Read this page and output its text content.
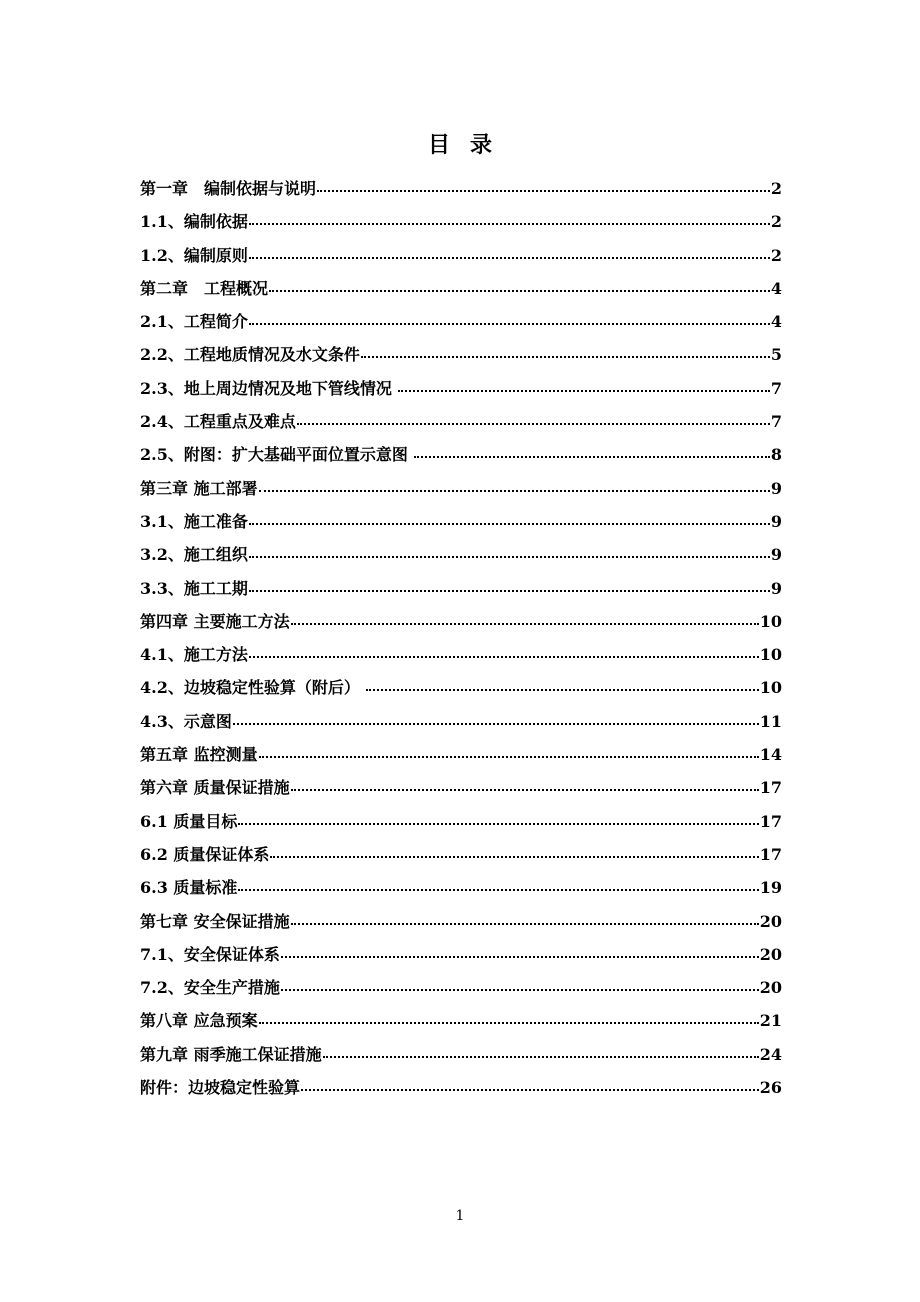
目录
第一章　编制依据与说明	2
1.1、编制依据	2
1.2、编制原则	2
第二章　工程概况	4
2.1、工程简介	4
2.2、工程地质情况及水文条件	5
2.3、地上周边情况及地下管线情况	7
2.4、工程重点及难点	7
2.5、附图：扩大基础平面位置示意图	8
第三章 施工部署	9
3.1、施工准备	9
3.2、施工组织	9
3.3、施工工期	9
第四章 主要施工方法	10
4.1、施工方法	10
4.2、边坡稳定性验算（附后）	10
4.3、示意图	11
第五章 监控测量	14
第六章 质量保证措施	17
6.1 质量目标	17
6.2 质量保证体系	17
6.3 质量标准	19
第七章 安全保证措施	20
7.1、安全保证体系	20
7.2、安全生产措施	20
第八章 应急预案	21
第九章 雨季施工保证措施	24
附件：边坡稳定性验算	26
1
